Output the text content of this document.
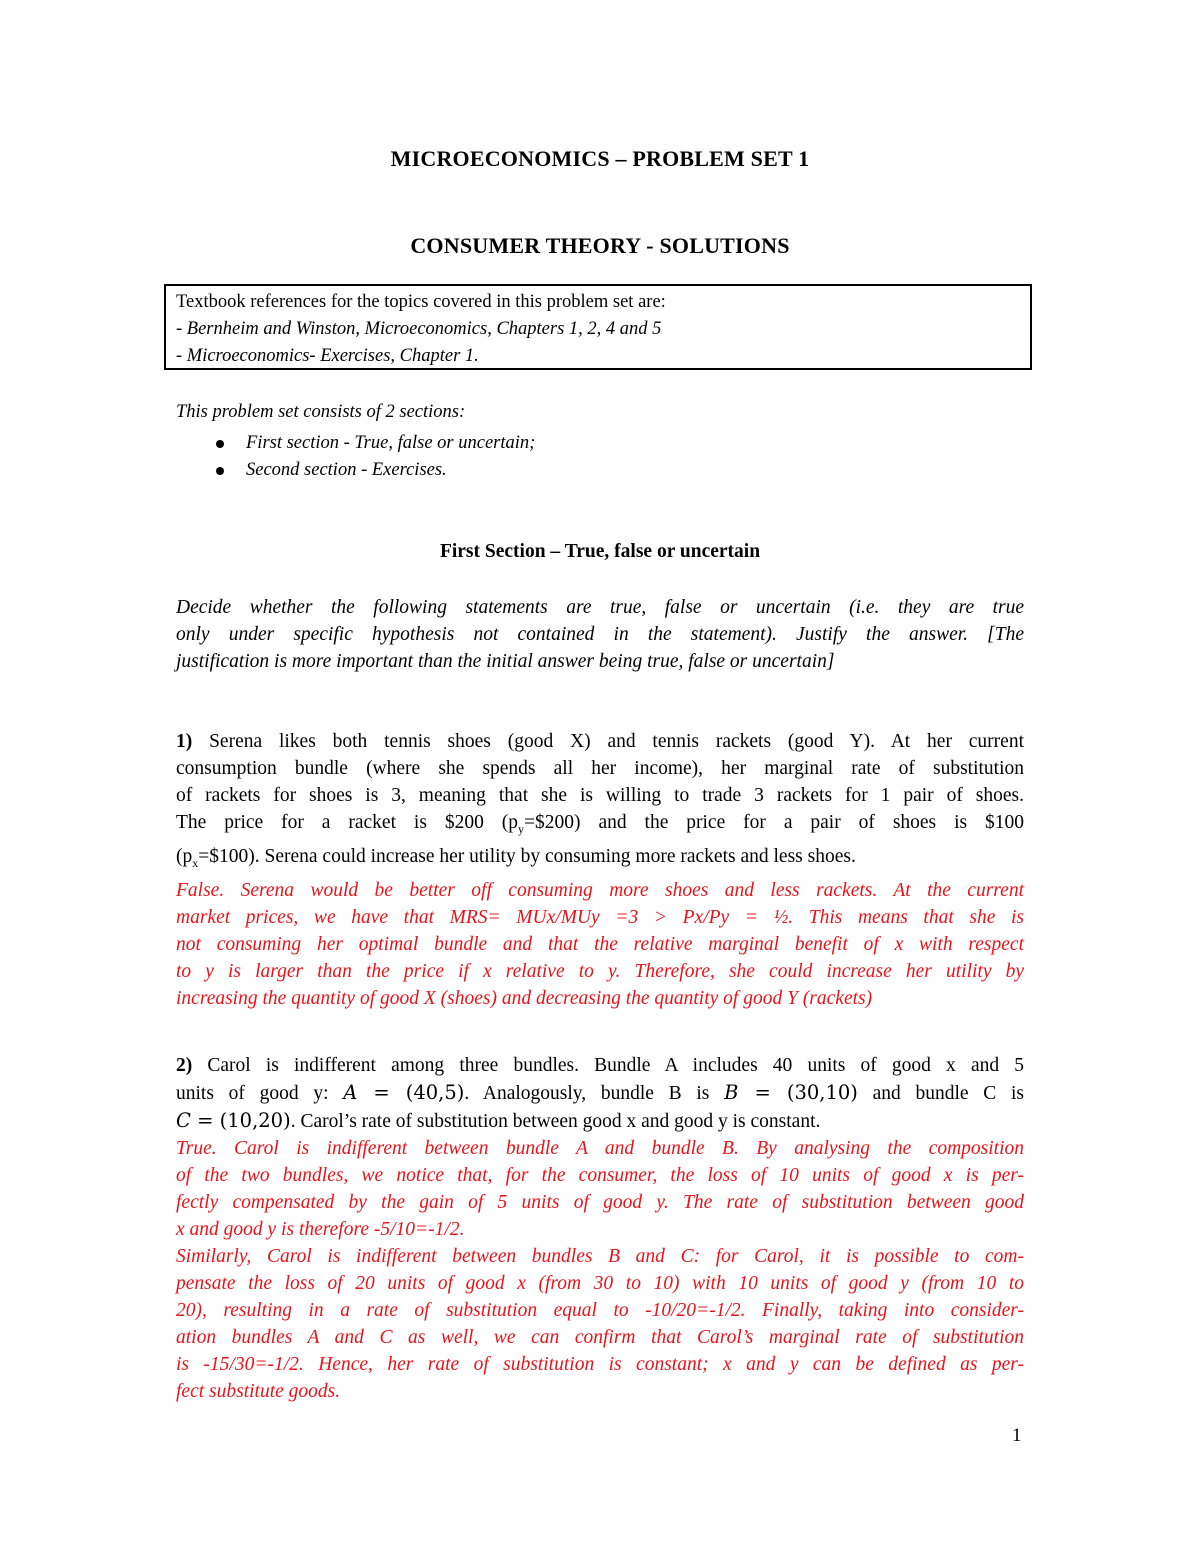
MICROECONOMICS – PROBLEM SET 1
CONSUMER THEORY - SOLUTIONS
Textbook references for the topics covered in this problem set are:
- Bernheim and Winston, Microeconomics, Chapters 1, 2, 4 and 5
- Microeconomics- Exercises, Chapter 1.
This problem set consists of 2 sections:
First section - True, false or uncertain;
Second section - Exercises.
First Section – True, false or uncertain

Decide whether the following statements are true, false or uncertain (i.e. they are true

only under specific hypothesis not contained in the statement). Justify the answer. [The

justification is more important than the initial answer being true, false or uncertain]

1) Serena likes both tennis shoes (good X) and tennis rackets (good Y). At her current

consumption bundle (where she spends all her income), her marginal rate of substitution

of rackets for shoes is 3, meaning that she is willing to trade 3 rackets for 1 pair of shoes.

The price for a racket is $200 $(p_y=\$200)$ and the price for a pair of shoes is $100

$(p_x=\$100)$. Serena could increase her utility by consuming more rackets and less shoes.

False. Serena would be better off consuming more shoes and less rackets. At the current

market prices, we have that MRS= MUx/MUy =3 > Px/Py = ½. This means that she is

not consuming her optimal bundle and that the relative marginal benefit of x with respect

to y is larger than the price if x relative to y. Therefore, she could increase her utility by

increasing the quantity of good X (shoes) and decreasing the quantity of good Y (rackets)

2) Carol is indifferent among three bundles. Bundle A includes 40 units of good x and 5

units of good y: A = (40,5). Analogously, bundle B is B = (30,10) and bundle C is

C = (10,20). Carol’s rate of substitution between good x and good y is constant.

True. Carol is indifferent between bundle A and bundle B. By analysing the composition

of the two bundles, we notice that, for the consumer, the loss of 10 units of good x is per-

fectly compensated by the gain of 5 units of good y. The rate of substitution between good

x and good y is therefore -5/10=-1/2.

Similarly, Carol is indifferent between bundles B and C: for Carol, it is possible to com-

pensate the loss of 20 units of good x (from 30 to 10) with 10 units of good y (from 10 to

20), resulting in a rate of substitution equal to -10/20=-1/2. Finally, taking into consider-

ation bundles A and C as well, we can confirm that Carol’s marginal rate of substitution

is -15/30=-1/2. Hence, her rate of substitution is constant; x and y can be defined as per-

fect substitute goods.

1
